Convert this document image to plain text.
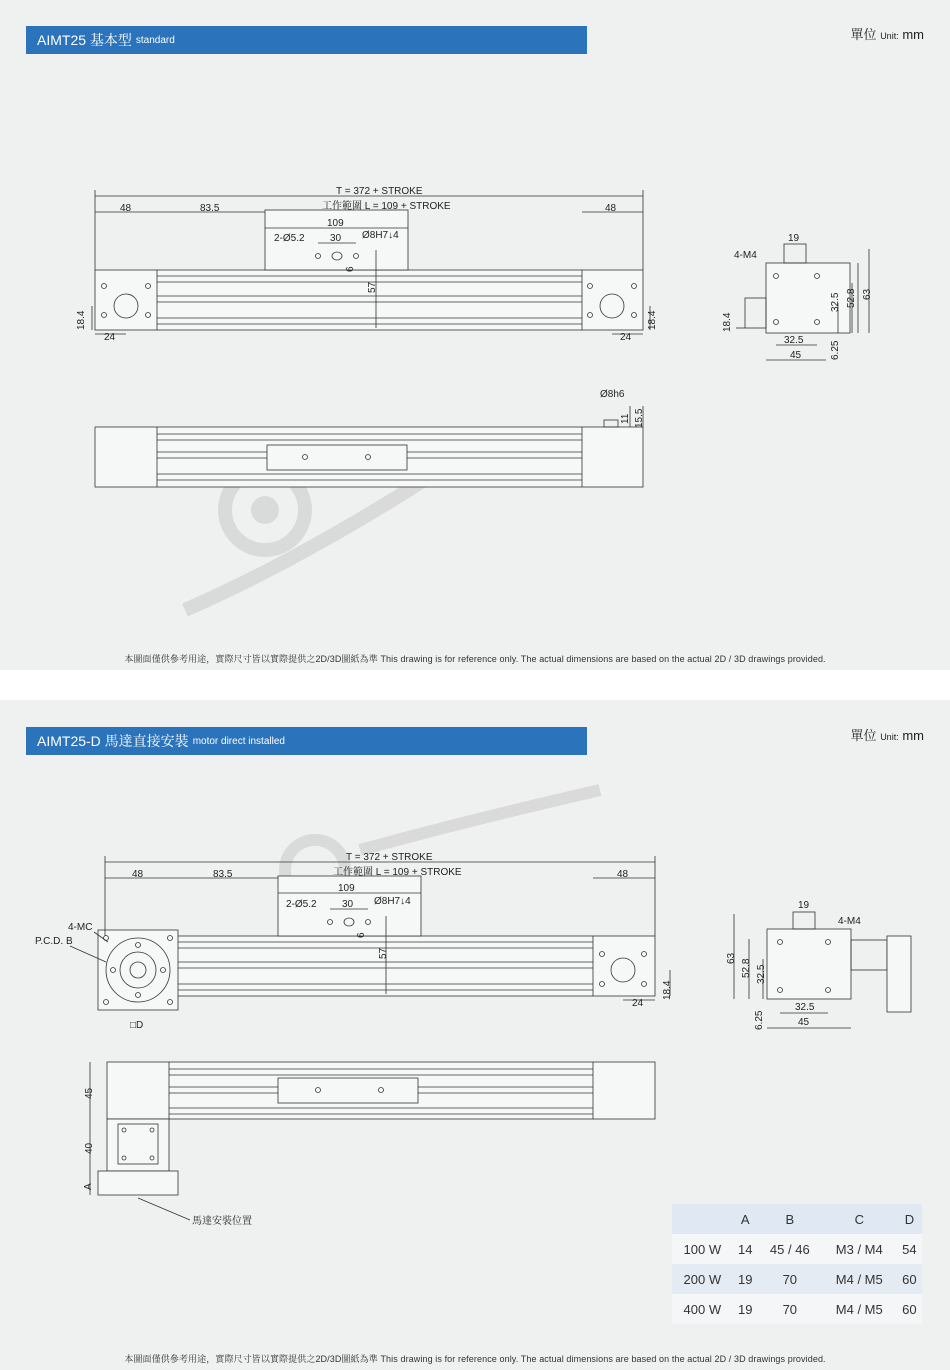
AIMT25 基本型 standard	單位 Unit: mm
T = 372 + STROKE
工作範圍 L = 109 + STROKE
48	83.5	48
109
2-Ø5.2	30 Ø8H7↓4
6
57
18.4
24	24
18.4
4-M4
19
63
52.8
32.5
18.4
32.5
45	6.25
Ø8h6
11 15.5
本圖面僅供參考用途，實際尺寸皆以實際提供之2D/3D圖紙為準 This drawing is for reference only. The actual dimensions are based on the actual 2D / 3D drawings provided.
AIMT25-D 馬達直接安裝 motor direct installed	單位 Unit: mm
T = 372 + STROKE
工作範圍 L = 109 + STROKE
48	83.5	48
109
2-Ø5.2	30 Ø8H7↓4
6
57
4-MC
P.C.D. B
□D
24
18.4
19
4-M4
63
52.8 32.5
6.25
32.5
45
45
40
A
馬達安裝位置
		A	B	C	D
100 W	14	45 / 46	M3 / M4	54
200 W	19	70	M4 / M5	60
400 W	19	70	M4 / M5	60
本圖面僅供參考用途，實際尺寸皆以實際提供之2D/3D圖紙為準 This drawing is for reference only. The actual dimensions are based on the actual 2D / 3D drawings provided.
